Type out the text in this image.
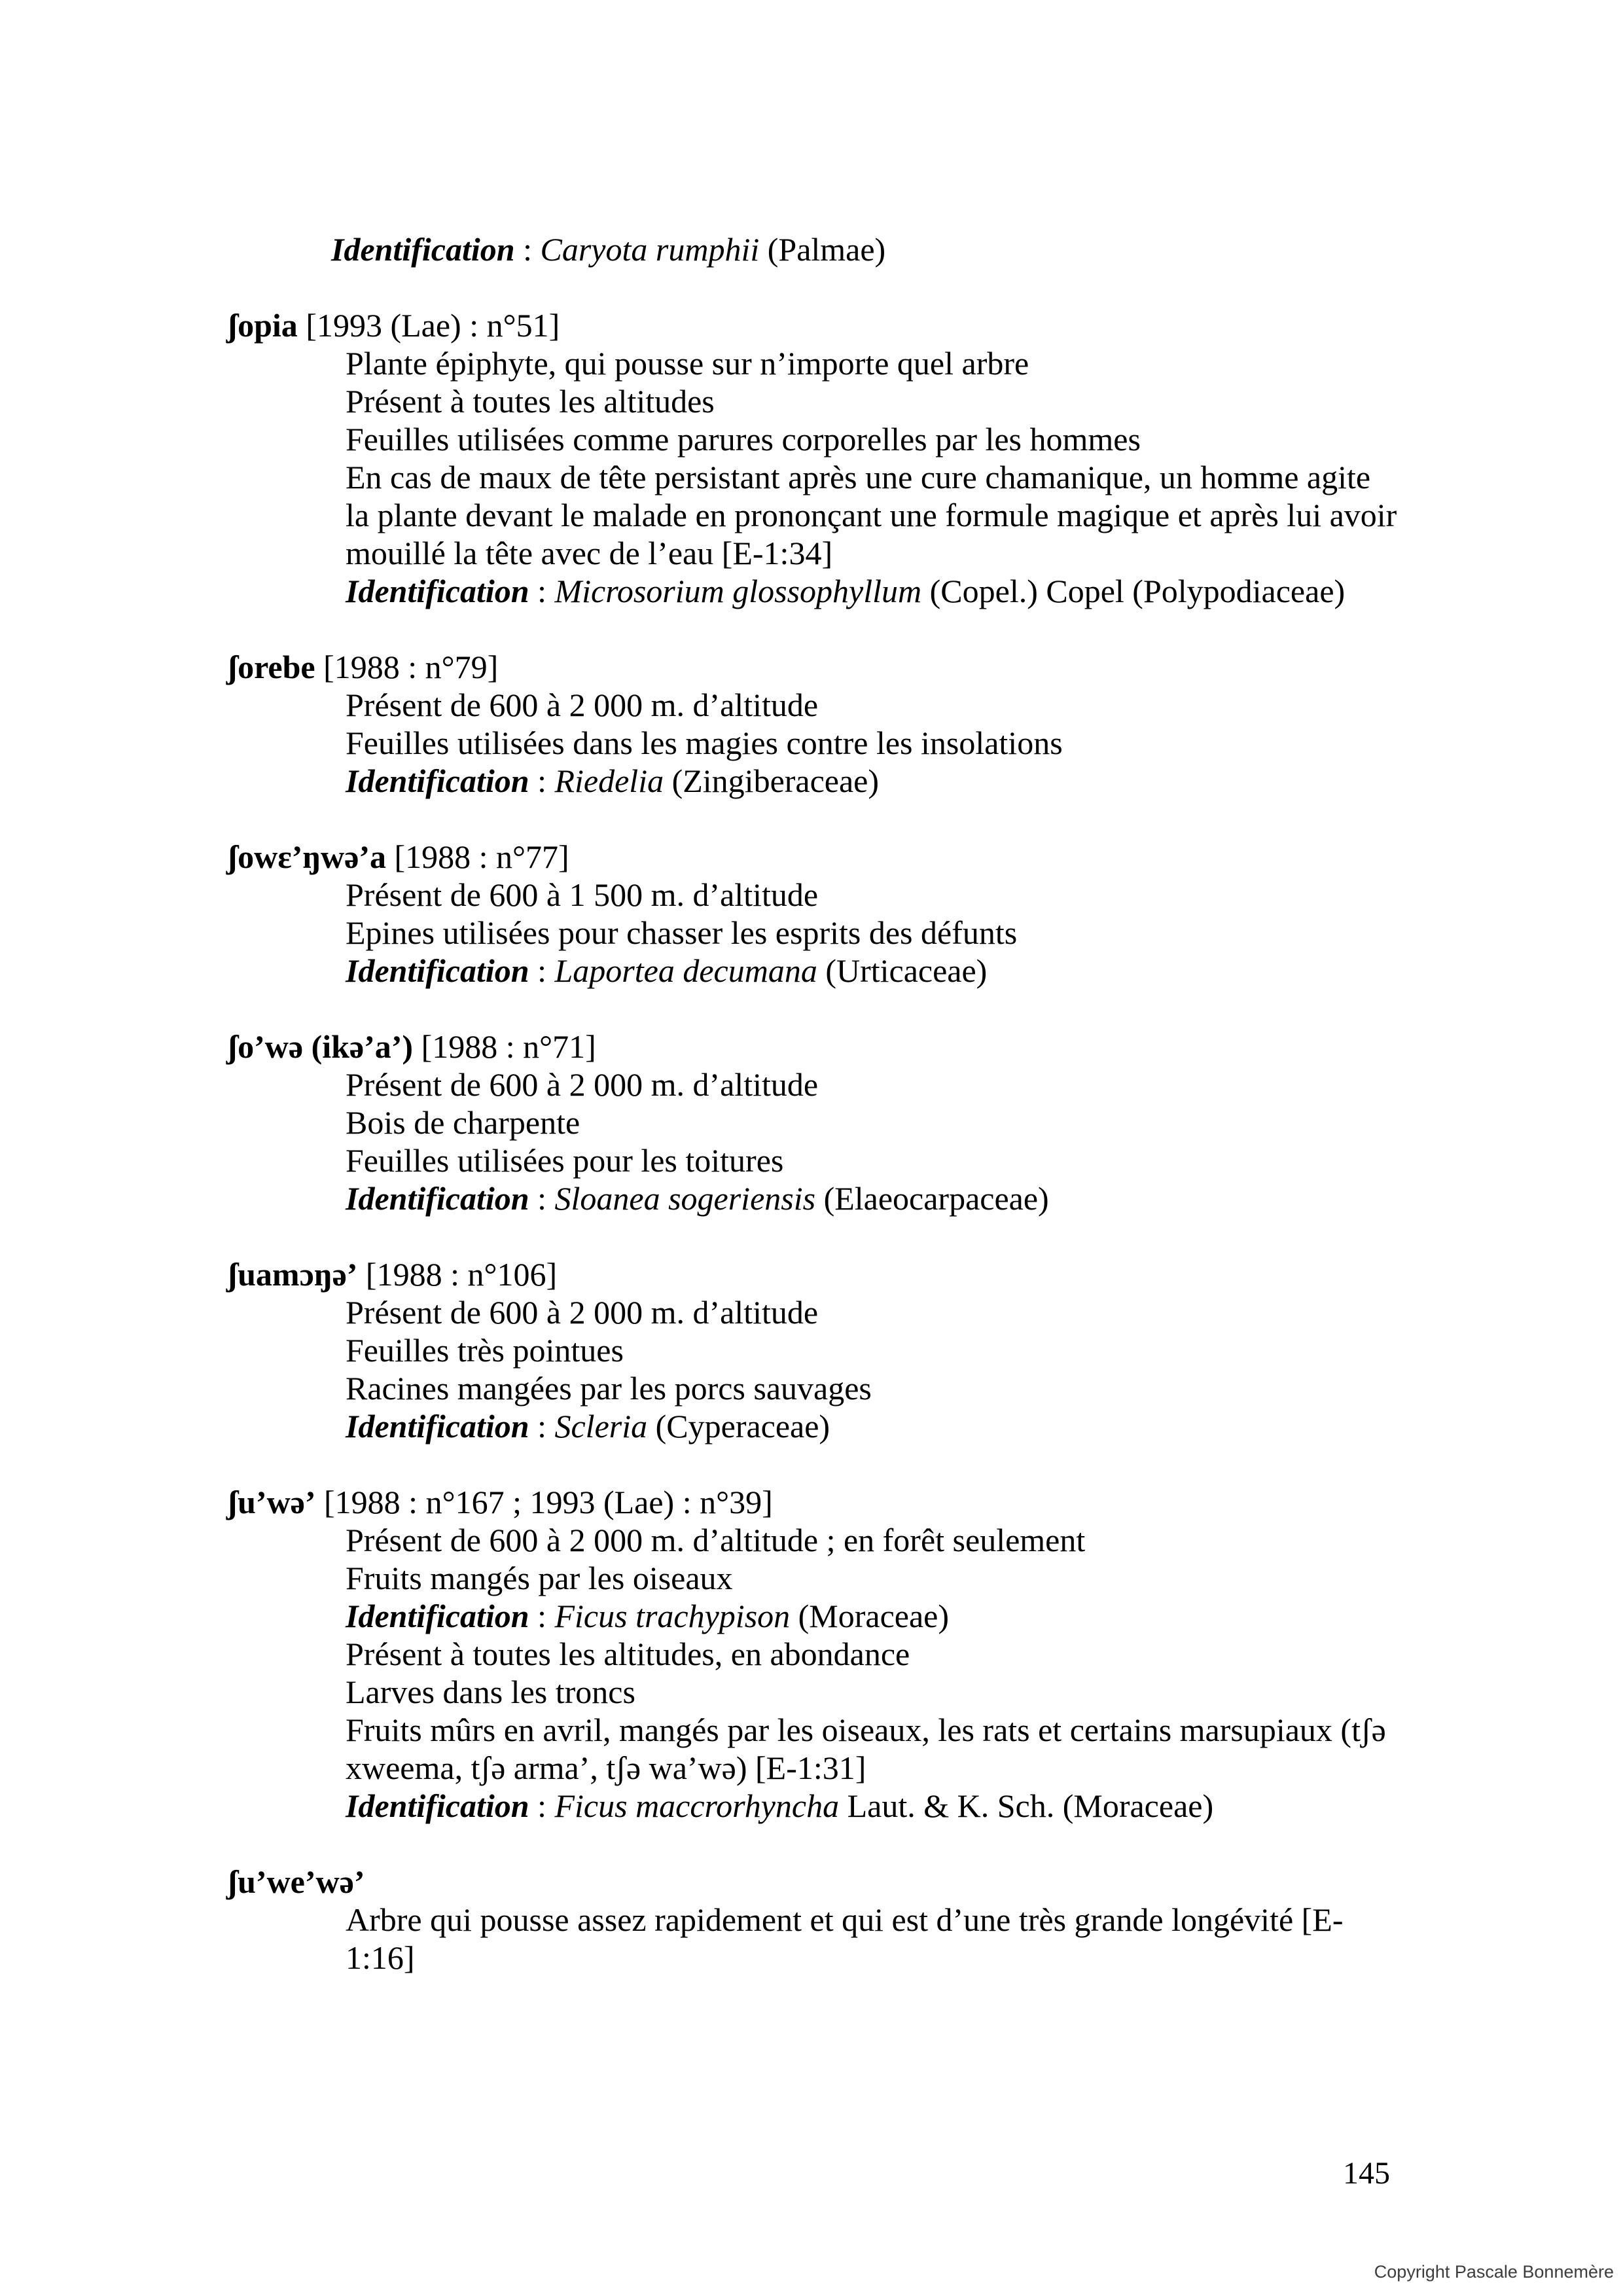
Identification : Caryota rumphii (Palmae)
ʃopia [1993 (Lae) : n°51]
Plante épiphyte, qui pousse sur n’importe quel arbre
Présent à toutes les altitudes
Feuilles utilisées comme parures corporelles par les hommes
En cas de maux de tête persistant après une cure chamanique, un homme agite la plante devant le malade en prononçant une formule magique et après lui avoir mouillé la tête avec de l’eau [E-1:34]
Identification : Microsorium glossophyllum (Copel.) Copel (Polypodiaceae)
ʃorebe [1988 : n°79]
Présent de 600 à 2 000 m. d’altitude
Feuilles utilisées dans les magies contre les insolations
Identification : Riedelia (Zingiberaceae)
ʃowɛ’ŋwə’a [1988 : n°77]
Présent de 600 à 1 500 m. d’altitude
Epines utilisées pour chasser les esprits des défunts
Identification : Laportea decumana (Urticaceae)
ʃo’wə (ikə’a’) [1988 : n°71]
Présent de 600 à 2 000 m. d’altitude
Bois de charpente
Feuilles utilisées pour les toitures
Identification : Sloanea sogeriensis (Elaeocarpaceae)
ʃuamɔŋə’ [1988 : n°106]
Présent de 600 à 2 000 m. d’altitude
Feuilles très pointues
Racines mangées par les porcs sauvages
Identification : Scleria (Cyperaceae)
ʃu’wə’ [1988 : n°167 ; 1993 (Lae) : n°39]
Présent de 600 à 2 000 m. d’altitude ; en forêt seulement
Fruits mangés par les oiseaux
Identification : Ficus trachypison (Moraceae)
Présent à toutes les altitudes, en abondance
Larves dans les troncs
Fruits mûrs en avril, mangés par les oiseaux, les rats et certains marsupiaux (tʃə xweema, tʃə arma’, tʃə wa’wə) [E-1:31]
Identification : Ficus maccrorhyncha Laut. & K. Sch. (Moraceae)
ʃu’we’wə’
Arbre qui pousse assez rapidement et qui est d’une très grande longévité [E-1:16]
145
Copyright Pascale Bonnemère
